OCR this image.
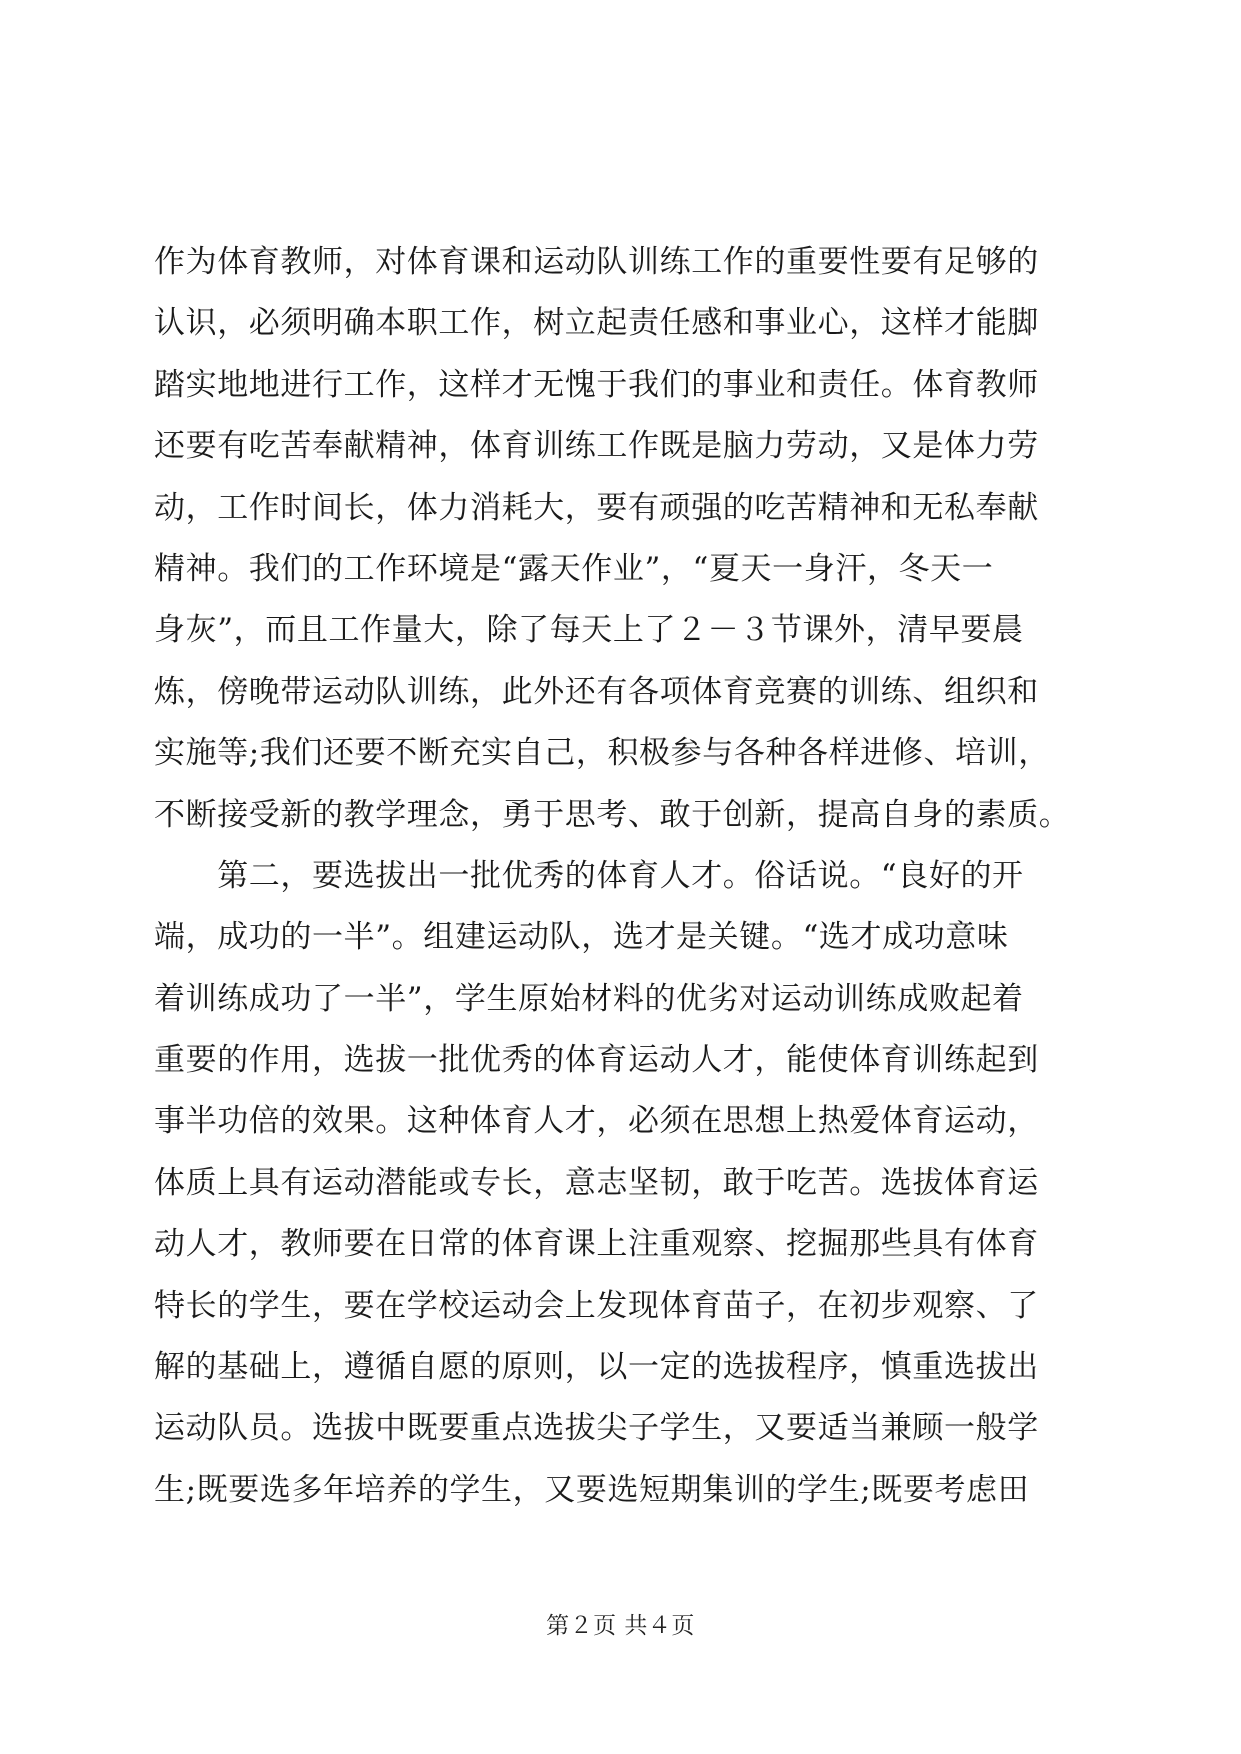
作为体育教师，对体育课和运动队训练工作的重要性要有足够的
认识，必须明确本职工作，树立起责任感和事业心，这样才能脚
踏实地地进行工作，这样才无愧于我们的事业和责任。体育教师
还要有吃苦奉献精神，体育训练工作既是脑力劳动，又是体力劳
动，工作时间长，体力消耗大，要有顽强的吃苦精神和无私奉献
精神。我们的工作环境是“露天作业”，“夏天一身汗，冬天一
身灰”，而且工作量大，除了每天上了２－３节课外，清早要晨
炼，傍晚带运动队训练，此外还有各项体育竞赛的训练、组织和
实施等;我们还要不断充实自己，积极参与各种各样进修、培训，
不断接受新的教学理念，勇于思考、敢于创新，提高自身的素质。
　　第二，要选拔出一批优秀的体育人才。俗话说。“良好的开
端，成功的一半”。组建运动队，选才是关键。“选才成功意味
着训练成功了一半”，学生原始材料的优劣对运动训练成败起着
重要的作用，选拔一批优秀的体育运动人才，能使体育训练起到
事半功倍的效果。这种体育人才，必须在思想上热爱体育运动，
体质上具有运动潜能或专长，意志坚韧，敢于吃苦。选拔体育运
动人才，教师要在日常的体育课上注重观察、挖掘那些具有体育
特长的学生，要在学校运动会上发现体育苗子，在初步观察、了
解的基础上，遵循自愿的原则，以一定的选拔程序，慎重选拔出
运动队员。选拔中既要重点选拔尖子学生，又要适当兼顾一般学
生;既要选多年培养的学生，又要选短期集训的学生;既要考虑田
第２页 共４页
